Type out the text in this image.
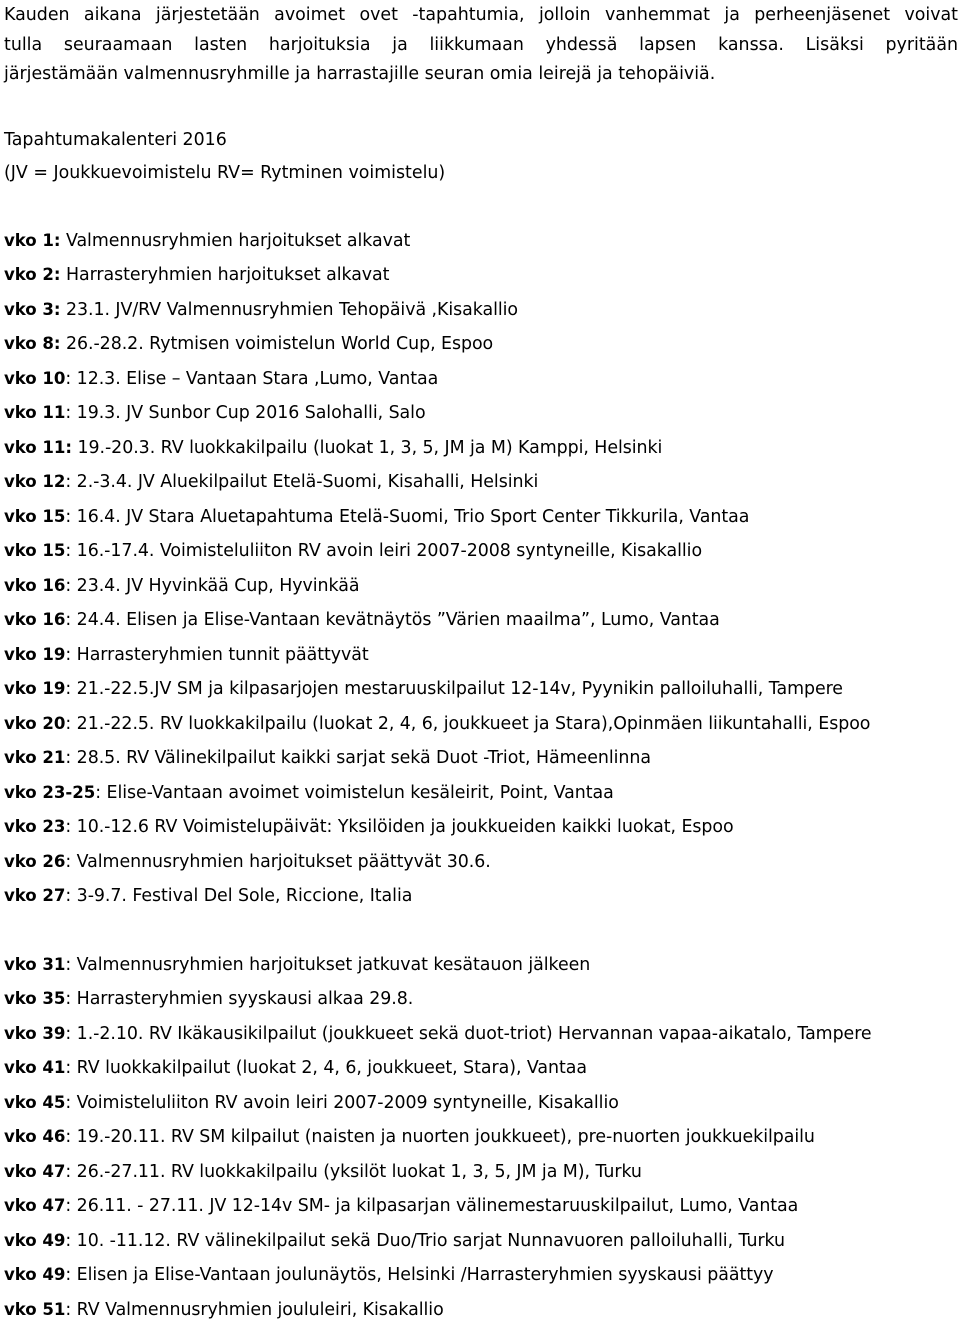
Kauden aikana järjestetään avoimet ovet -tapahtumia, jolloin vanhemmat ja perheenjäsenet voivat
tulla seuraamaan lasten harjoituksia ja liikkumaan yhdessä lapsen kanssa. Lisäksi pyritään
järjestämään valmennusryhmille ja harrastajille seuran omia leirejä ja tehopäiviä.

Tapahtumakalenteri 2016
(JV = Joukkuevoimistelu RV= Rytminen voimistelu)
vko 1: Valmennusryhmien harjoitukset alkavat
vko 2: Harrasteryhmien harjoitukset alkavat
vko 3: 23.1. JV/RV Valmennusryhmien Tehopäivä ,Kisakallio
vko 8: 26.-28.2. Rytmisen voimistelun World Cup, Espoo
vko 10: 12.3. Elise – Vantaan Stara ,Lumo, Vantaa
vko 11: 19.3. JV Sunbor Cup 2016 Salohalli, Salo
vko 11: 19.-20.3. RV luokkakilpailu (luokat 1, 3, 5, JM ja M) Kamppi, Helsinki
vko 12: 2.-3.4. JV Aluekilpailut Etelä-Suomi, Kisahalli, Helsinki
vko 15: 16.4. JV Stara Aluetapahtuma Etelä-Suomi, Trio Sport Center Tikkurila, Vantaa
vko 15: 16.-17.4. Voimisteluliiton RV avoin leiri 2007-2008 syntyneille, Kisakallio
vko 16: 23.4. JV Hyvinkää Cup, Hyvinkää
vko 16: 24.4. Elisen ja Elise-Vantaan kevätnäytös ”Värien maailma”, Lumo, Vantaa
vko 19: Harrasteryhmien tunnit päättyvät
vko 19: 21.-22.5.JV SM ja kilpasarjojen mestaruuskilpailut 12-14v, Pyynikin palloiluhalli, Tampere
vko 20: 21.-22.5. RV luokkakilpailu (luokat 2, 4, 6, joukkueet ja Stara),Opinmäen liikuntahalli, Espoo
vko 21: 28.5. RV Välinekilpailut kaikki sarjat sekä Duot -Triot, Hämeenlinna
vko 23-25: Elise-Vantaan avoimet voimistelun kesäleirit, Point, Vantaa
vko 23: 10.-12.6 RV Voimistelupäivät: Yksilöiden ja joukkueiden kaikki luokat, Espoo
vko 26: Valmennusryhmien harjoitukset päättyvät 30.6.
vko 27: 3-9.7. Festival Del Sole, Riccione, Italia
vko 31: Valmennusryhmien harjoitukset jatkuvat kesätauon jälkeen
vko 35: Harrasteryhmien syyskausi alkaa 29.8.
vko 39: 1.-2.10. RV Ikäkausikilpailut (joukkueet sekä duot-triot) Hervannan vapaa-aikatalo, Tampere
vko 41: RV luokkakilpailut (luokat 2, 4, 6, joukkueet, Stara), Vantaa
vko 45: Voimisteluliiton RV avoin leiri 2007-2009 syntyneille, Kisakallio
vko 46: 19.-20.11. RV SM kilpailut (naisten ja nuorten joukkueet), pre-nuorten joukkuekilpailu
vko 47: 26.-27.11. RV luokkakilpailu (yksilöt luokat 1, 3, 5, JM ja M), Turku
vko 47: 26.11. - 27.11. JV 12-14v SM- ja kilpasarjan välinemestaruuskilpailut, Lumo, Vantaa
vko 49: 10. -11.12. RV välinekilpailut sekä Duo/Trio sarjat Nunnavuoren palloiluhalli, Turku
vko 49: Elisen ja Elise-Vantaan joulunäytös, Helsinki /Harrasteryhmien syyskausi päättyy
vko 51: RV Valmennusryhmien joululeiri, Kisakallio
